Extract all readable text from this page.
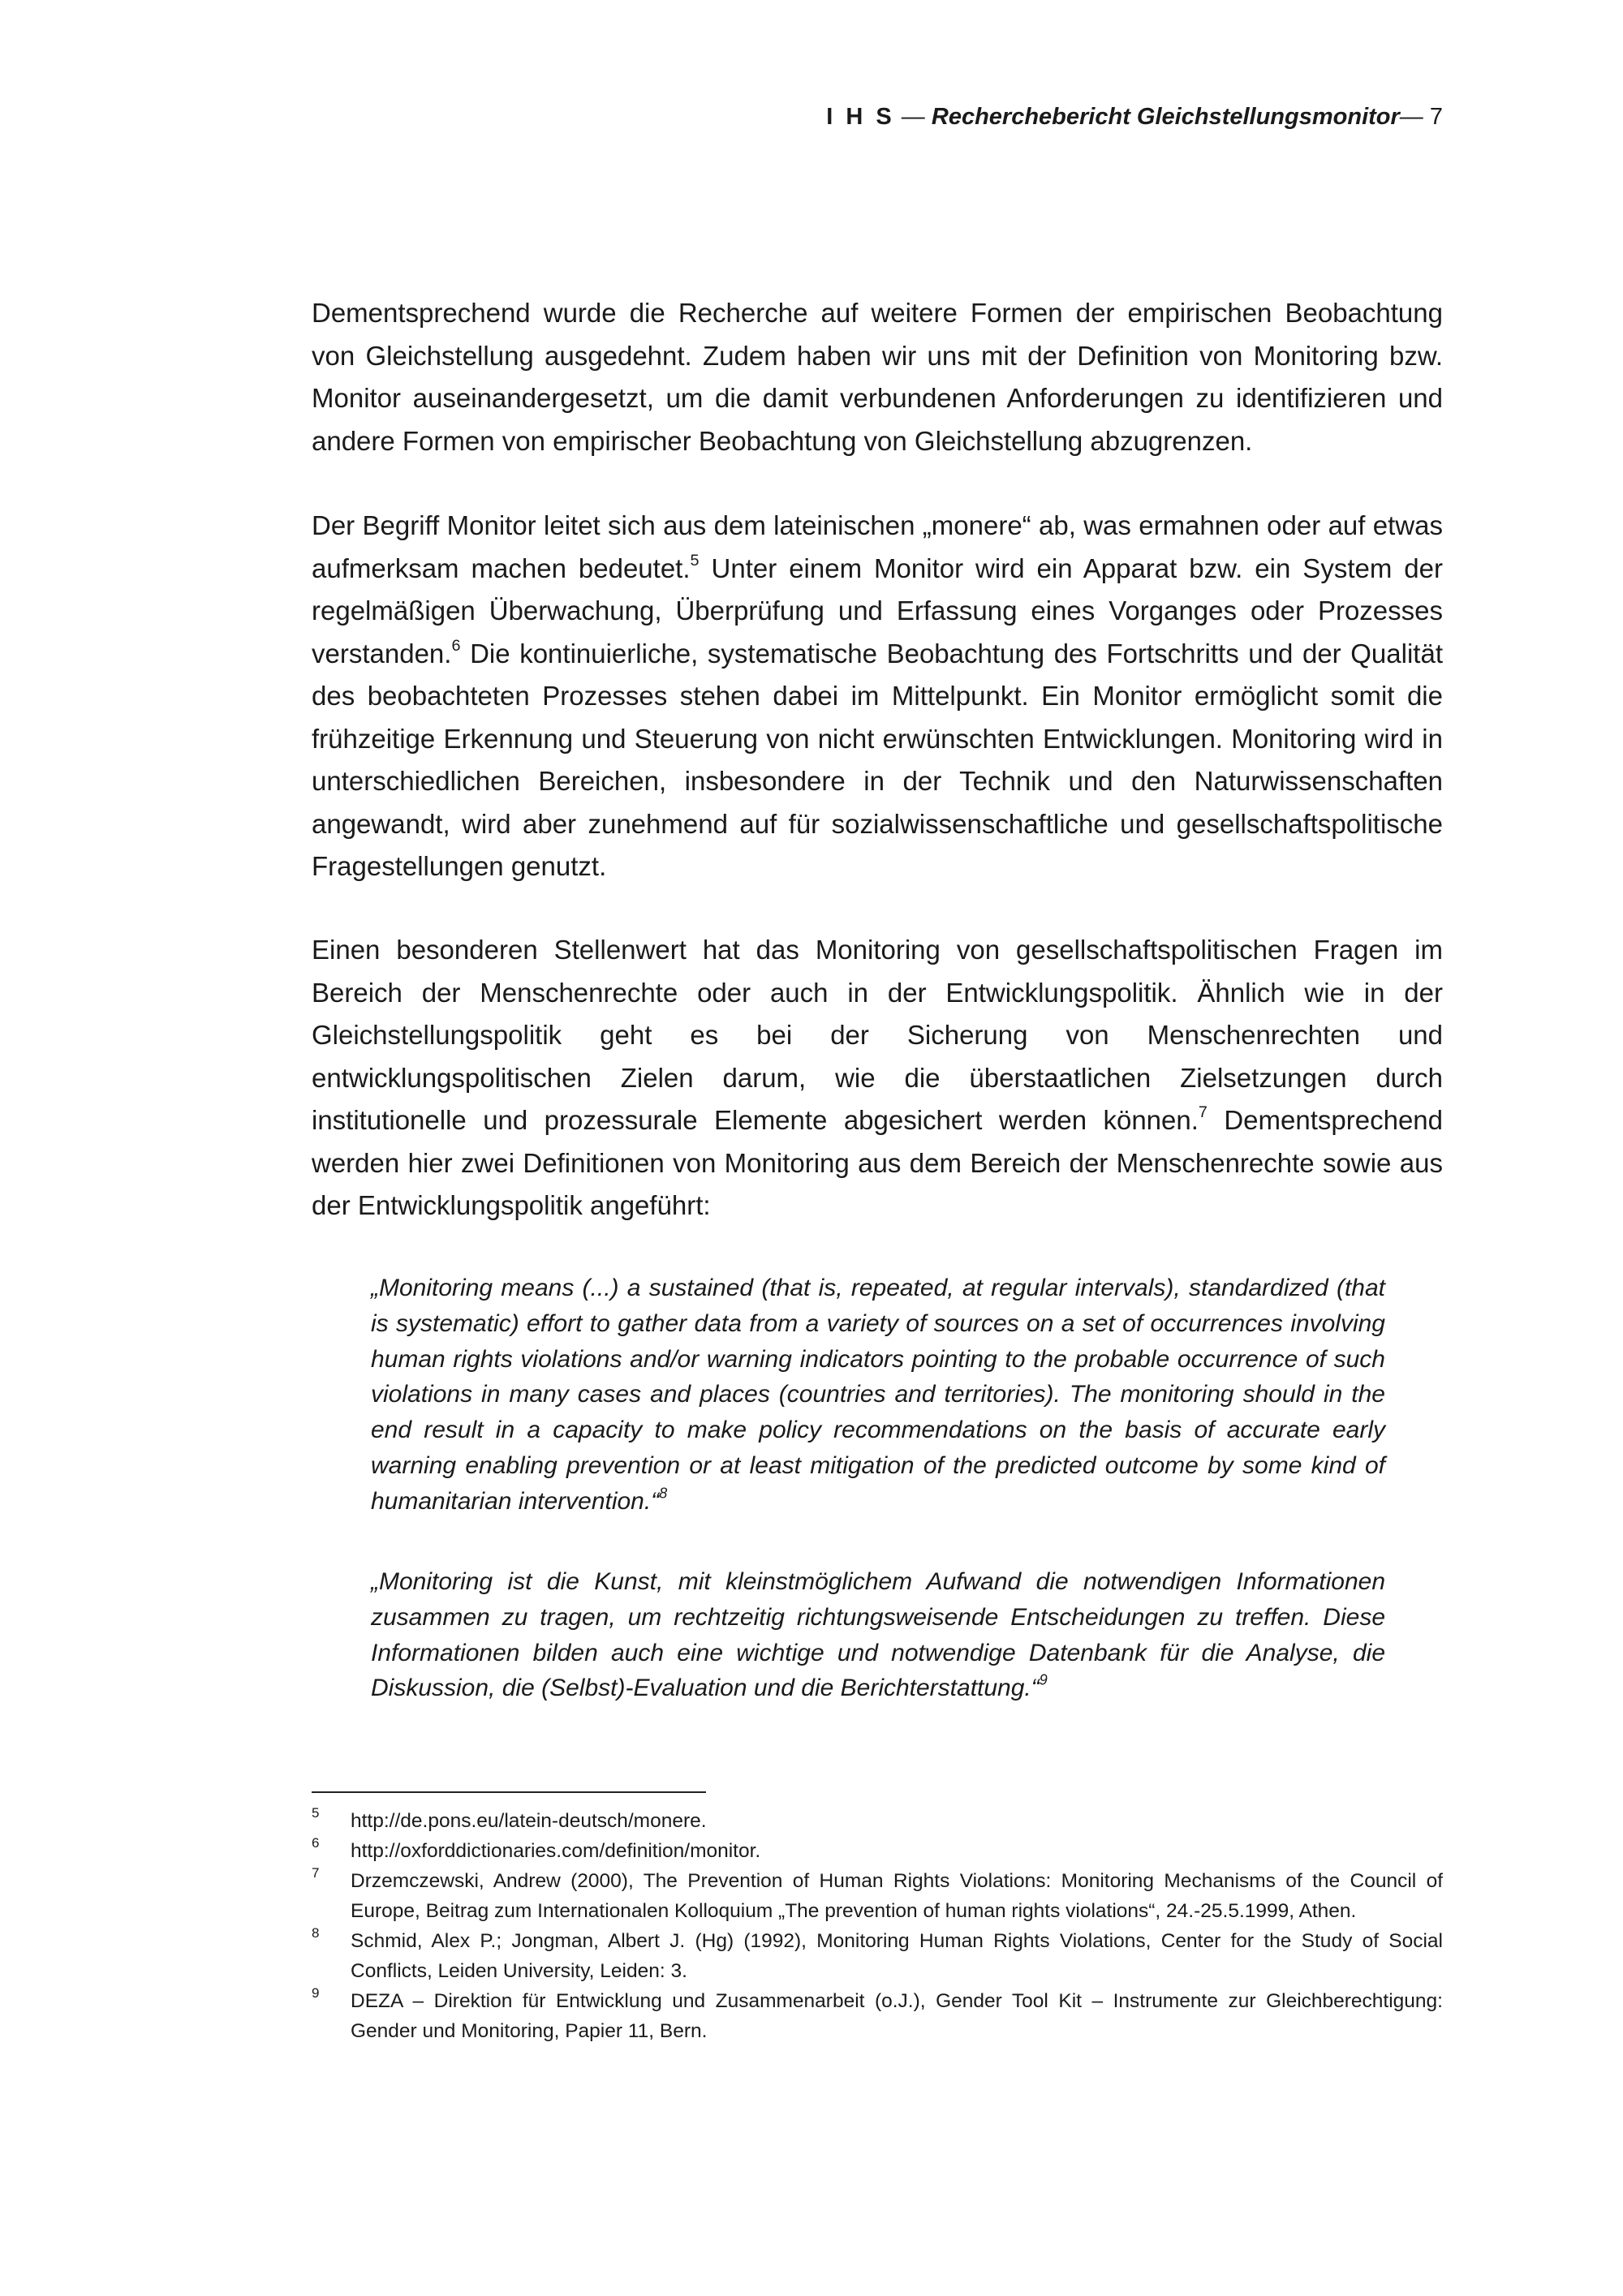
I H S — Recherchebericht Gleichstellungsmonitor— 7

Dementsprechend wurde die Recherche auf weitere Formen der empirischen Beobachtung von Gleichstellung ausgedehnt. Zudem haben wir uns mit der Definition von Monitoring bzw. Monitor auseinandergesetzt, um die damit verbundenen Anforderungen zu identifizieren und andere Formen von empirischer Beobachtung von Gleichstellung abzugrenzen.

Der Begriff Monitor leitet sich aus dem lateinischen „monere“ ab, was ermahnen oder auf etwas aufmerksam machen bedeutet.$^5$ Unter einem Monitor wird ein Apparat bzw. ein System der regelmäßigen Überwachung, Überprüfung und Erfassung eines Vorganges oder Prozesses verstanden.$^6$ Die kontinuierliche, systematische Beobachtung des Fortschritts und der Qualität des beobachteten Prozesses stehen dabei im Mittelpunkt. Ein Monitor ermöglicht somit die frühzeitige Erkennung und Steuerung von nicht erwünschten Entwicklungen. Monitoring wird in unterschiedlichen Bereichen, insbesondere in der Technik und den Naturwissenschaften angewandt, wird aber zunehmend auf für sozialwissenschaftliche und gesellschaftspolitische Fragestellungen genutzt.

Einen besonderen Stellenwert hat das Monitoring von gesellschaftspolitischen Fragen im Bereich der Menschenrechte oder auch in der Entwicklungspolitik. Ähnlich wie in der Gleichstellungspolitik geht es bei der Sicherung von Menschenrechten und entwicklungspolitischen Zielen darum, wie die überstaatlichen Zielsetzungen durch institutionelle und prozessurale Elemente abgesichert werden können.$^7$ Dementsprechend werden hier zwei Definitionen von Monitoring aus dem Bereich der Menschenrechte sowie aus der Entwicklungspolitik angeführt:

„Monitoring means (...) a sustained (that is, repeated, at regular intervals), standardized (that is systematic) effort to gather data from a variety of sources on a set of occurrences involving human rights violations and/or warning indicators pointing to the probable occurrence of such violations in many cases and places (countries and territories). The monitoring should in the end result in a capacity to make policy recommendations on the basis of accurate early warning enabling prevention or at least mitigation of the predicted outcome by some kind of humanitarian intervention.“$^8$

„Monitoring ist die Kunst, mit kleinstmöglichem Aufwand die notwendigen Informationen zusammen zu tragen, um rechtzeitig richtungsweisende Entscheidungen zu treffen. Diese Informationen bilden auch eine wichtige und notwendige Datenbank für die Analyse, die Diskussion, die (Selbst)-Evaluation und die Berichterstattung.“$^9$

5 http://de.pons.eu/latein-deutsch/monere.
6 http://oxforddictionaries.com/definition/monitor.
7 Drzemczewski, Andrew (2000), The Prevention of Human Rights Violations: Monitoring Mechanisms of the Council of Europe, Beitrag zum Internationalen Kolloquium „The prevention of human rights violations“, 24.-25.5.1999, Athen.
8 Schmid, Alex P.; Jongman, Albert J. (Hg) (1992), Monitoring Human Rights Violations, Center for the Study of Social Conflicts, Leiden University, Leiden: 3.
9 DEZA – Direktion für Entwicklung und Zusammenarbeit (o.J.), Gender Tool Kit – Instrumente zur Gleichberechtigung: Gender und Monitoring, Papier 11, Bern.
